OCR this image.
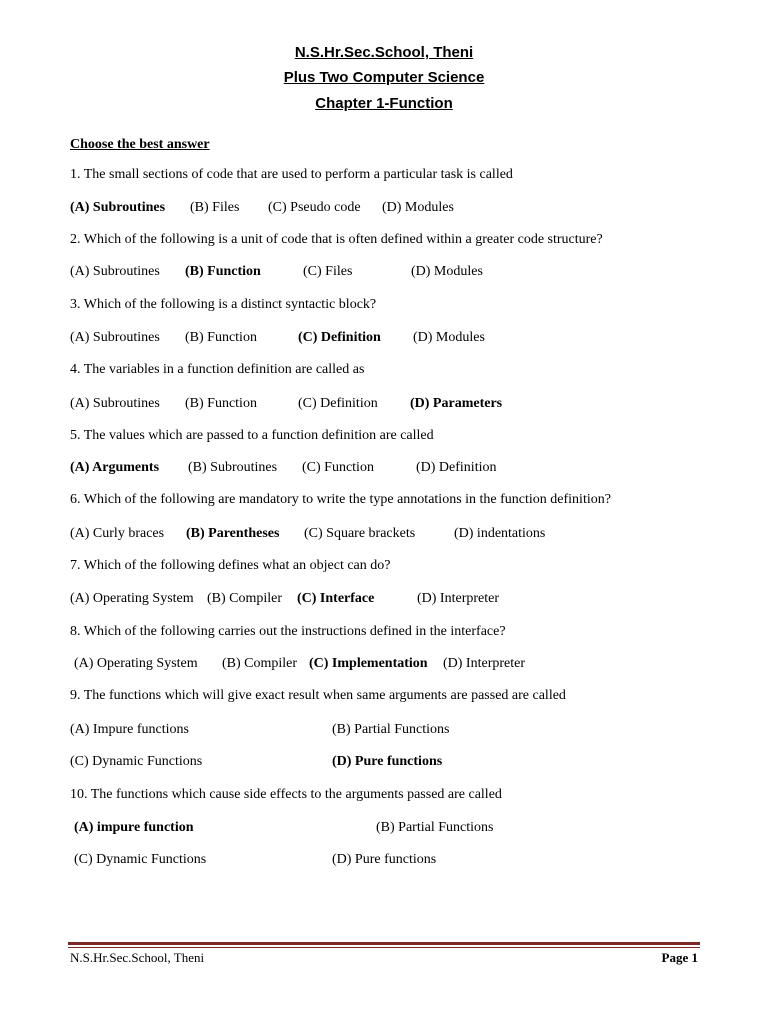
N.S.Hr.Sec.School, Theni
Plus Two Computer Science
Chapter 1-Function
Choose the best answer
1. The small sections of code that are used to perform a particular task is called
(A) Subroutines (B) Files (C) Pseudo code (D) Modules
2. Which of the following is a unit of code that is often defined within a greater code structure?
(A) Subroutines (B) Function	(C) Files	(D) Modules
3. Which of the following is a distinct syntactic block?
(A) Subroutines (B) Function	(C) Definition (D) Modules
4. The variables in a function definition are called as
(A) Subroutines (B) Function	(C) Definition (D) Parameters
5. The values which are passed to a function definition are called
(A) Arguments (B) Subroutines (C) Function	(D) Definition
6. Which of the following are mandatory to write the type annotations in the function definition?
(A) Curly braces (B) Parentheses (C) Square brackets	(D) indentations
7. Which of the following defines what an object can do?
(A) Operating System (B) Compiler (C) Interface	(D) Interpreter
8. Which of the following carries out the instructions defined in the interface?
(A) Operating System (B) Compiler (C) Implementation (D) Interpreter
9. The functions which will give exact result when same arguments are passed are called
(A) Impure functions	(B) Partial Functions
(C) Dynamic Functions	(D) Pure functions
10. The functions which cause side effects to the arguments passed are called
(A) impure function	(B) Partial Functions
(C) Dynamic Functions	(D) Pure functions
N.S.Hr.Sec.School, Theni	Page 1
